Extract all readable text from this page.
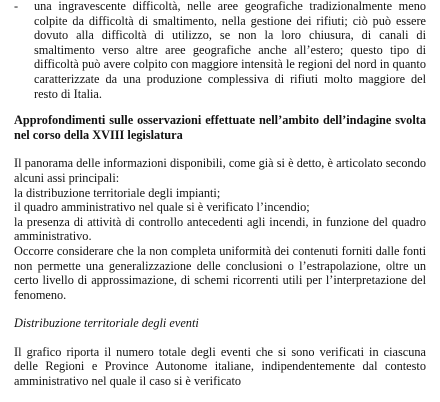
-	una ingravescente difficoltà, nelle aree geografiche tradizionalmente meno colpite da difficoltà di smaltimento, nella gestione dei rifiuti; ciò può essere dovuto alla difficoltà di utilizzo, se non la loro chiusura, di canali di smaltimento verso altre aree geografiche anche all’estero; questo tipo di difficoltà può avere colpito con maggiore intensità le regioni del nord in quanto caratterizzate da una produzione complessiva di rifiuti molto maggiore del resto di Italia.

Approfondimenti sulle osservazioni effettuate nell’ambito dell’indagine svolta nel corso della XVIII legislatura

Il panorama delle informazioni disponibili, come già si è detto, è articolato secondo alcuni assi principali:
la distribuzione territoriale degli impianti;
il quadro amministrativo nel quale si è verificato l’incendio;
la presenza di attività di controllo antecedenti agli incendi, in funzione del quadro amministrativo.
Occorre considerare che la non completa uniformità dei contenuti forniti dalle fonti non permette una generalizzazione delle conclusioni o l’estrapolazione, oltre un certo livello di approssimazione, di schemi ricorrenti utili per l’interpretazione del fenomeno.

Distribuzione territoriale degli eventi

Il grafico riporta il numero totale degli eventi che si sono verificati in ciascuna delle Regioni e Province Autonome italiane, indipendentemente dal contesto amministrativo nel quale il caso si è verificato
